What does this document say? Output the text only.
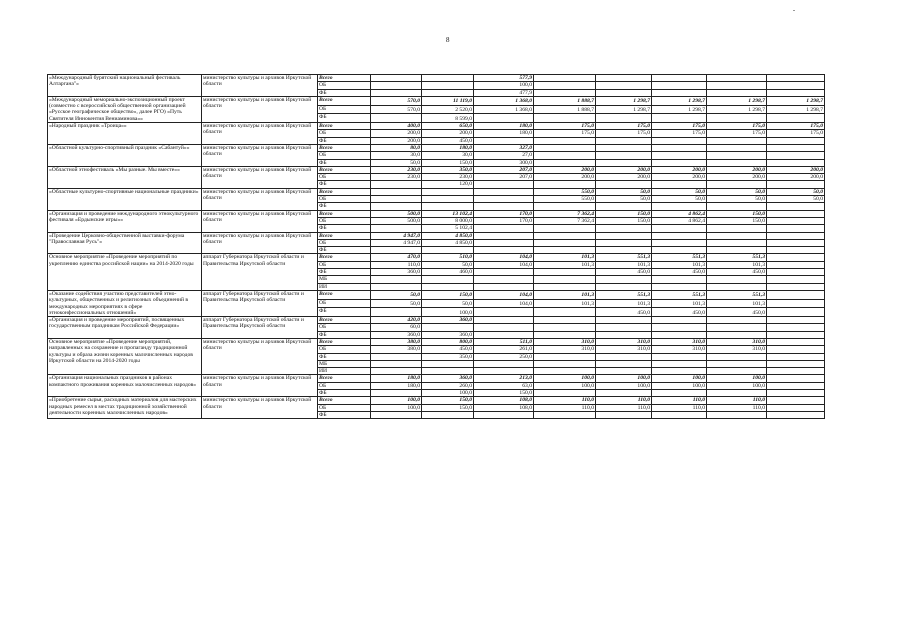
8
«Международный бурятский национальный фестиваль Алтаргана"»	министерство культуры и архивов Иркутской области	Всего			577,9					
		ОБ			100,0					
		ФБ			477,9					
«Международный мемориально-экспозиционный проект (совместно с всероссийской общественной организацией «Русское географическое общество», далее РГО) «Путь Святителя Иннокентия Вениаминова»»	министерство культуры и архивов Иркутской области	Всего	570,0	11 119,0	1 368,0	1 888,7	1 298,7	1 298,7	1 298,7	1 298,7
		ОБ	570,0	2 520,0	1 368,0	1 888,7	1 298,7	1 298,7	1 298,7	1 298,7
		ФБ		8 599,0						
«Народный праздник «Троица»»	министерство культуры и архивов Иркутской области	Всего	400,0	650,0	180,0	175,0	175,0	175,0	175,0	175,0
		ОБ	200,0	200,0	180,0	175,0	175,0	175,0	175,0	175,0
		ФБ	200,0	450,0						
«Областной культурно-спортивный праздник «Сабантуй»»	министерство культуры и архивов Иркутской области	Всего	80,0	180,0	327,0					
		ОБ	30,0	30,0	27,0					
		ФБ	50,0	150,0	300,0					
«Областной этнофестиваль «Мы разные. Мы вместе»»	министерство культуры и архивов Иркутской области	Всего	230,0	350,0	207,0	200,0	200,0	200,0	200,0	200,0
		ОБ	230,0	230,0	207,0	200,0	200,0	200,0	200,0	200,0
		ФБ		120,0						
«Областные культурно-спортивные национальные праздники»	министерство культуры и архивов Иркутской области	Всего				550,0	50,0	50,0	50,0	50,0
		ОБ				550,0	50,0	50,0	50,0	50,0
		ФБ								
«Организация и проведение международного этнокультурного фестиваля «Ердынские игры»»	министерство культуры и архивов Иркутской области	Всего	500,0	13 102,4	170,0	7 362,4	150,0	4 862,4	150,0	
		ОБ	500,0	8 000,0	170,0	7 362,4	150,0	4 862,4	150,0	
		ФБ		5 102,4						
«Проведение Церковно-общественной выставки-форума "Православная Русь"»	министерство культуры и архивов Иркутской области	Всего	4 947,0	4 850,0						
		ОБ	4 947,0	4 850,0						
		ФБ								
Основное мероприятие «Проведение мероприятий по укреплению единства российской нации» на 2014-2020 годы	аппарат Губернатора Иркутской области и Правительства Иркутской области	Всего	470,0	510,0	104,0	101,3	551,3	551,3	551,3	
		ОБ	110,0	50,0	104,0	101,3	101,3	101,3	101,3	
		ФБ	360,0	460,0			450,0	450,0	450,0	
		МБ								
		ИИ								
«Оказание содействия участию представителей этно-культурных, общественных и религиозных объединений в международных мероприятиях в сфере этноконфессиональных отношений»	аппарат Губернатора Иркутской области и Правительства Иркутской области	Всего	50,0	150,0	104,0	101,3	551,3	551,3	551,3	
		ОБ	50,0	50,0	104,0	101,3	101,3	101,3	101,3	
		ФБ		100,0			450,0	450,0	450,0	
«Организация и проведение мероприятий, посвященных государственным праздникам Российской Федерации»	аппарат Губернатора Иркутской области и Правительства Иркутской области	Всего	420,0	360,0						
		ОБ	60,0							
		ФБ	360,0	360,0						
Основное мероприятие «Проведение мероприятий, направленных на сохранение и пропаганду традиционной культуры и образа жизни коренных малочисленных народов Иркутской области на 2014-2020 годы	министерство культуры и архивов Иркутской области	Всего	380,0	800,0	511,0	310,0	310,0	310,0	310,0	
		ОБ	380,0	450,0	261,0	310,0	310,0	310,0	310,0	
		ФБ		350,0	250,0					
		МБ								
		ИИ								
«Организация национальных праздников в районах компактного проживания коренных малочисленных народов»	министерство культуры и архивов Иркутской области	Всего	180,0	360,0	213,0	100,0	100,0	100,0	100,0	
		ОБ	180,0	260,0	63,0	100,0	100,0	100,0	100,0	
		ФБ		100,0	150,0					
«Приобретение сырья, расходных материалов для мастерских народных ремесел в местах традиционной хозяйственной деятельности коренных малочисленных народов»	министерство культуры и архивов Иркутской области	Всего	100,0	150,0	108,0	110,0	110,0	110,0	110,0	
		ОБ	100,0	150,0	108,0	110,0	110,0	110,0	110,0	
		ФБ								
